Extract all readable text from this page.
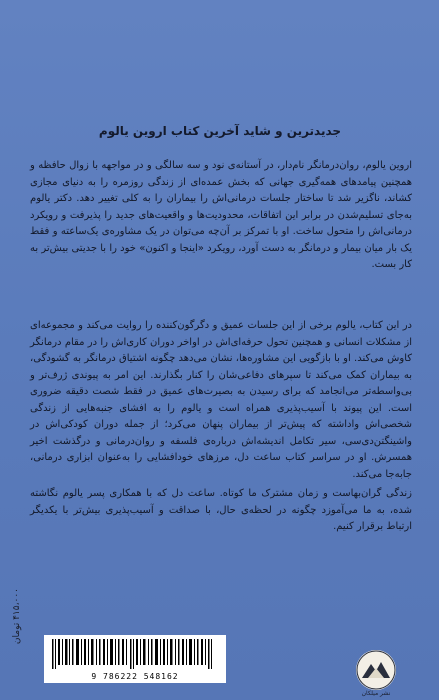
جدیدترین و شاید آخرین کتاب اروین یالوم

اروین یالوم، روان‌درمانگر نام‌دار، در آستانه‌ی نود و سه سالگی و در مواجهه با زوال حافظه و همچنین پیامدهای همه‌گیری جهانی که بخش عمده‌ای از زندگی روزمره را به دنیای مجازی کشاند، ناگزیر شد تا ساختار جلسات درمانی‌اش را بیماران را به کلی تغییر دهد. دکتر یالوم به‌جای تسلیم‌شدن در برابر این اتفاقات، محدودیت‌ها و واقعیت‌های جدید را پذیرفت و رویکرد درمانی‌اش را متحول ساخت. او با تمرکز بر آن‌چه می‌توان در یک مشاوره‌ی یک‌ساعته و فقط یک بار میان بیمار و درمانگر به دست آورد، رویکرد «اینجا و اکنون» خود را با جدیتی بیش‌تر به کار بست.

در این کتاب، یالوم برخی از این جلسات عمیق و دگرگون‌کننده را روایت می‌کند و مجموعه‌ای از مشکلات انسانی و همچنین تحول حرفه‌ای‌اش در اواخر دوران کاری‌اش را در مقام درمانگر کاوش می‌کند. او با بازگویی این مشاوره‌ها، نشان می‌دهد چگونه اشتیاق درمانگر به گشودگی، به بیماران کمک می‌کند تا سپرهای دفاعی‌شان را کنار بگذارند. این امر به پیوندی ژرف‌تر و بی‌واسطه‌تر می‌انجامد که برای رسیدن به بصیرت‌های عمیق در فقط شصت دقیقه ضروری است. این پیوند با آسیب‌پذیری همراه است و یالوم را به افشای جنبه‌هایی از زندگی شخصی‌اش واداشته که پیش‌تر از بیماران پنهان می‌کرد؛ از جمله دوران کودکی‌اش در واشینگتن‌دی‌سی، سیر تکامل اندیشه‌اش درباره‌ی فلسفه و روان‌درمانی و درگذشت اخیر همسرش. او در سراسر کتاب ساعت دل، مرزهای خودافشایی را به‌عنوان ابزاری درمانی، جابه‌جا می‌کند.

زندگی گران‌بهاست و زمان مشترک ما کوتاه. ساعت دل که با همکاری پسر یالوم نگاشته شده، به ما می‌آموزد چگونه در لحظه‌ی حال، با صداقت و آسیب‌پذیری بیش‌تر با یکدیگر ارتباط برقرار کنیم.

۴۱۵،۰۰۰ تومان
9 786222 548162
نشر میلکان
